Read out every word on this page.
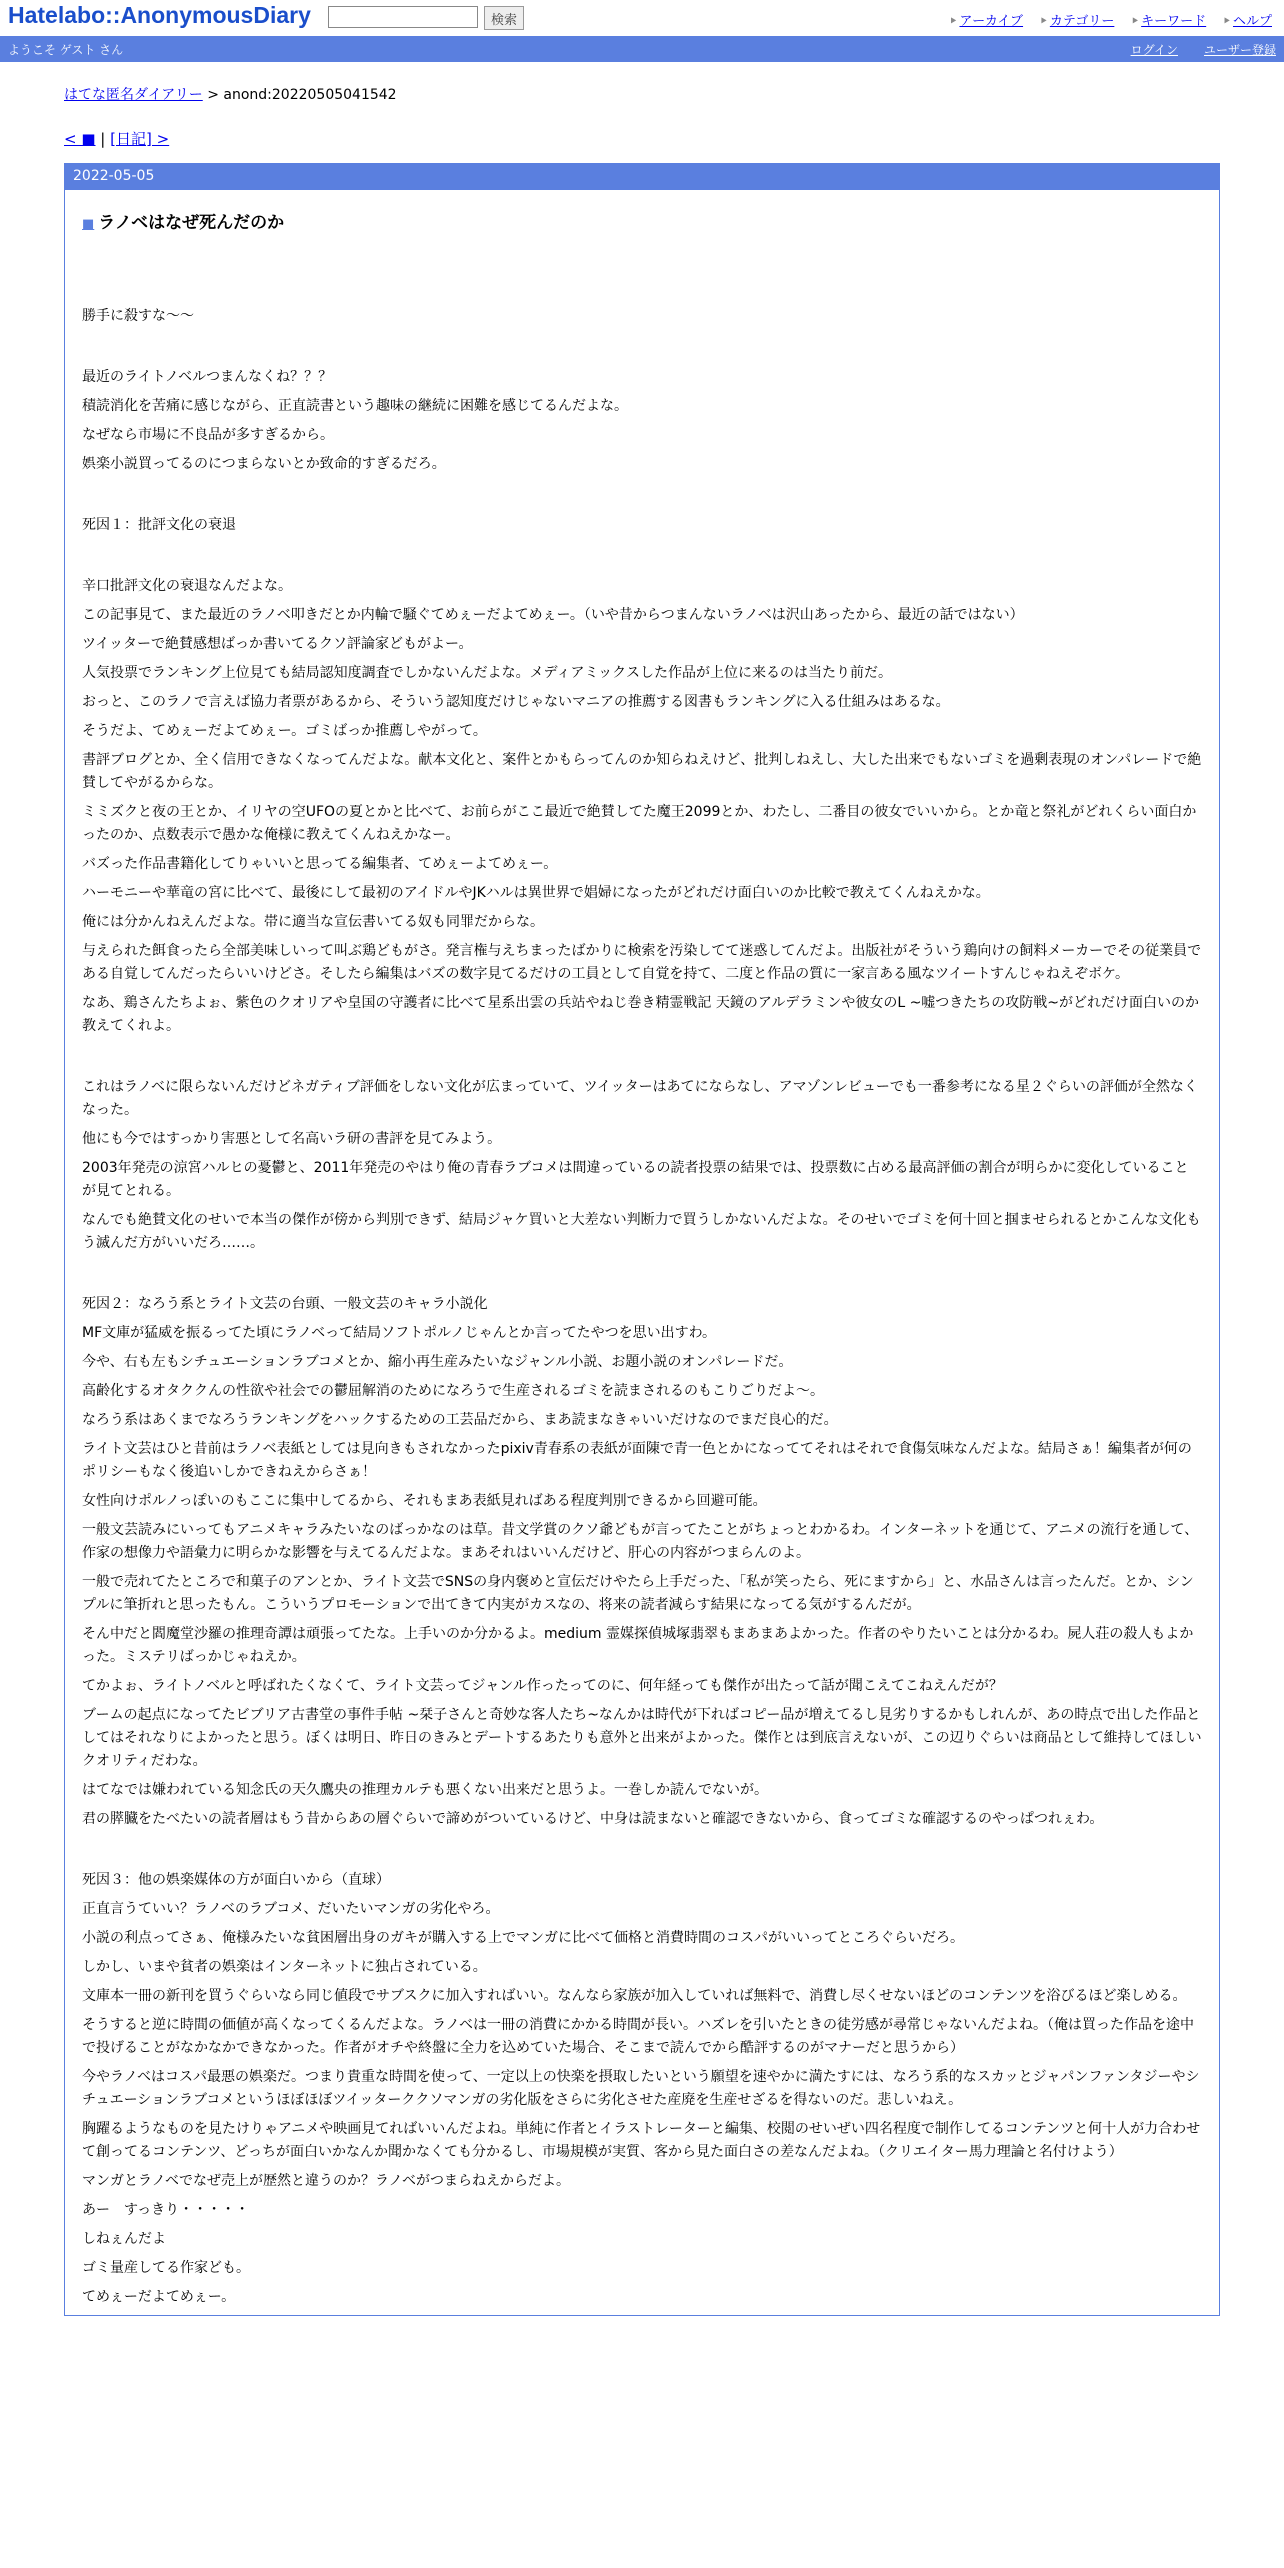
Hatelabo::AnonymousDiary	検索	⯈ アーカイブ ⯈ カテゴリー ⯈ キーワード ⯈ ヘルプ
ようこそ ゲスト さん	ログイン ユーザー登録
はてな匿名ダイアリー > anond:20220505041542
< ■ | [日記] >
2022-05-05
■ ラノベはなぜ死んだのか

勝手に殺すな～～

最近のライトノベルつまんなくね？？？

積読消化を苦痛に感じながら、正直読書という趣味の継続に困難を感じてるんだよな。

なぜなら市場に不良品が多すぎるから。

娯楽小説買ってるのにつまらないとか致命的すぎるだろ。

死因１：批評文化の衰退

辛口批評文化の衰退なんだよな。

この記事見て、また最近のラノベ叩きだとか内輪で騒ぐてめぇーだよてめぇー。（いや昔からつまんないラノベは沢山あったから、最近の話ではない）

ツイッターで絶賛感想ばっか書いてるクソ評論家どもがよー。

人気投票でランキング上位見ても結局認知度調査でしかないんだよな。メディアミックスした作品が上位に来るのは当たり前だ。

おっと、このラノで言えば協力者票があるから、そういう認知度だけじゃないマニアの推薦する図書もランキングに入る仕組みはあるな。

そうだよ、てめぇーだよてめぇー。ゴミばっか推薦しやがって。

書評ブログとか、全く信用できなくなってんだよな。献本文化と、案件とかもらってんのか知らねえけど、批判しねえし、大した出来でもないゴミを過剰表現のオンパレードで絶賛してやがるからな。

ミミズクと夜の王とか、イリヤの空UFOの夏とかと比べて、お前らがここ最近で絶賛してた魔王2099とか、わたし、二番目の彼女でいいから。とか竜と祭礼がどれくらい面白かったのか、点数表示で愚かな俺様に教えてくんねえかなー。

バズった作品書籍化してりゃいいと思ってる編集者、てめぇーよてめぇー。

ハーモニーや華竜の宮に比べて、最後にして最初のアイドルやJKハルは異世界で娼婦になったがどれだけ面白いのか比較で教えてくんねえかな。

俺には分かんねえんだよな。帯に適当な宣伝書いてる奴も同罪だからな。

与えられた餌食ったら全部美味しいって叫ぶ鶏どもがさ。発言権与えちまったばかりに検索を汚染してて迷惑してんだよ。出版社がそういう鶏向けの飼料メーカーでその従業員である自覚してんだったらいいけどさ。そしたら編集はバズの数字見てるだけの工員として自覚を持て、二度と作品の質に一家言ある風なツイートすんじゃねえぞボケ。

なあ、鶏さんたちよぉ、紫色のクオリアや皇国の守護者に比べて星系出雲の兵站やねじ巻き精霊戦記 天鏡のアルデラミンや彼女のL ~嘘つきたちの攻防戦~がどれだけ面白いのか教えてくれよ。

これはラノベに限らないんだけどネガティブ評価をしない文化が広まっていて、ツイッターはあてにならなし、アマゾンレビューでも一番参考になる星２ぐらいの評価が全然なくなった。

他にも今ではすっかり害悪として名高いラ研の書評を見てみよう。

2003年発売の涼宮ハルヒの憂鬱と、2011年発売のやはり俺の青春ラブコメは間違っているの読者投票の結果では、投票数に占める最高評価の割合が明らかに変化していることが見てとれる。

なんでも絶賛文化のせいで本当の傑作が傍から判別できず、結局ジャケ買いと大差ない判断力で買うしかないんだよな。そのせいでゴミを何十回と掴ませられるとかこんな文化もう滅んだ方がいいだろ……。

死因２：なろう系とライト文芸の台頭、一般文芸のキャラ小説化

MF文庫が猛威を振るってた頃にラノベって結局ソフトポルノじゃんとか言ってたやつを思い出すわ。

今や、右も左もシチュエーションラブコメとか、縮小再生産みたいなジャンル小説、お題小説のオンパレードだ。

高齢化するオタククんの性欲や社会での鬱屈解消のためになろうで生産されるゴミを読まされるのもこりごりだよ～。

なろう系はあくまでなろうランキングをハックするための工芸品だから、まあ読まなきゃいいだけなのでまだ良心的だ。

ライト文芸はひと昔前はラノベ表紙としては見向きもされなかったpixiv青春系の表紙が面陳で青一色とかになっててそれはそれで食傷気味なんだよな。結局さぁ！編集者が何のポリシーもなく後追いしかできねえからさぁ！

女性向けポルノっぽいのもここに集中してるから、それもまあ表紙見ればある程度判別できるから回避可能。

一般文芸読みにいってもアニメキャラみたいなのばっかなのは草。昔文学賞のクソ爺どもが言ってたことがちょっとわかるわ。インターネットを通じて、アニメの流行を通して、作家の想像力や語彙力に明らかな影響を与えてるんだよな。まあそれはいいんだけど、肝心の内容がつまらんのよ。

一般で売れてたところで和菓子のアンとか、ライト文芸でSNSの身内褒めと宣伝だけやたら上手だった、「私が笑ったら、死にますから」と、水品さんは言ったんだ。とか、シンプルに筆折れと思ったもん。こういうプロモーションで出てきて内実がカスなの、将来の読者減らす結果になってる気がするんだが。

そん中だと閻魔堂沙羅の推理奇譚は頑張ってたな。上手いのか分かるよ。medium 霊媒探偵城塚翡翠もまあまあよかった。作者のやりたいことは分かるわ。屍人荘の殺人もよかった。ミステリばっかじゃねえか。

てかよぉ、ライトノベルと呼ばれたくなくて、ライト文芸ってジャンル作ったってのに、何年経っても傑作が出たって話が聞こえてこねえんだが？

ブームの起点になってたビブリア古書堂の事件手帖 ~栞子さんと奇妙な客人たち~なんかは時代が下ればコピー品が増えてるし見劣りするかもしれんが、あの時点で出した作品としてはそれなりによかったと思う。ぼくは明日、昨日のきみとデートするあたりも意外と出来がよかった。傑作とは到底言えないが、この辺りぐらいは商品として維持してほしいクオリティだわな。

はてなでは嫌われている知念氏の天久鷹央の推理カルテも悪くない出来だと思うよ。一巻しか読んでないが。

君の膵臓をたべたいの読者層はもう昔からあの層ぐらいで諦めがついているけど、中身は読まないと確認できないから、食ってゴミな確認するのやっぱつれぇわ。

死因３：他の娯楽媒体の方が面白いから（直球）

正直言うていい？ラノベのラブコメ、だいたいマンガの劣化やろ。

小説の利点ってさぁ、俺様みたいな貧困層出身のガキが購入する上でマンガに比べて価格と消費時間のコスパがいいってところぐらいだろ。

しかし、いまや貧者の娯楽はインターネットに独占されている。

文庫本一冊の新刊を買うぐらいなら同じ値段でサブスクに加入すればいい。なんなら家族が加入していれば無料で、消費し尽くせないほどのコンテンツを浴びるほど楽しめる。

そうすると逆に時間の価値が高くなってくるんだよな。ラノベは一冊の消費にかかる時間が長い。ハズレを引いたときの徒労感が尋常じゃないんだよね。（俺は買った作品を途中で投げることがなかなかできなかった。作者がオチや終盤に全力を込めていた場合、そこまで読んでから酷評するのがマナーだと思うから）

今やラノベはコスパ最悪の娯楽だ。つまり貴重な時間を使って、一定以上の快楽を摂取したいという願望を速やかに満たすには、なろう系的なスカッとジャパンファンタジーやシチュエーションラブコメというほぼほぼツイッターククソマンガの劣化版をさらに劣化させた産廃を生産せざるを得ないのだ。悲しいねえ。

胸躍るようなものを見たけりゃアニメや映画見てればいいんだよね。単純に作者とイラストレーターと編集、校閲のせいぜい四名程度で制作してるコンテンツと何十人が力合わせて創ってるコンテンツ、どっちが面白いかなんか聞かなくても分かるし、市場規模が実質、客から見た面白さの差なんだよね。（クリエイター馬力理論と名付けよう）

マンガとラノベでなぜ売上が歴然と違うのか？ラノベがつまらねえからだよ。

あー　すっきり・・・・・

しねぇんだよ

ゴミ量産してる作家ども。

てめぇーだよてめぇー。
